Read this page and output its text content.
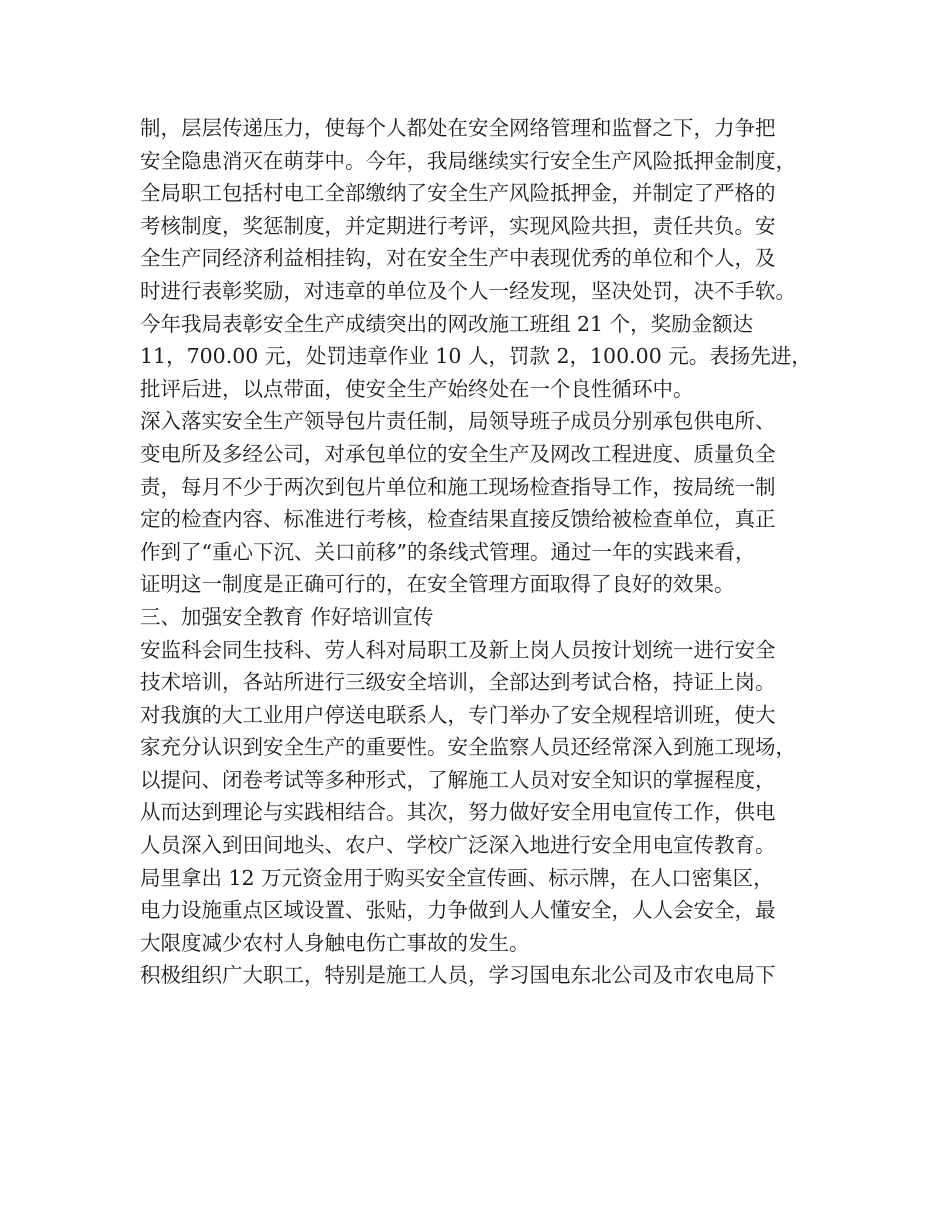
制，层层传递压力，使每个人都处在安全网络管理和监督之下，力争把
安全隐患消灭在萌芽中。今年，我局继续实行安全生产风险抵押金制度，
全局职工包括村电工全部缴纳了安全生产风险抵押金，并制定了严格的
考核制度，奖惩制度，并定期进行考评，实现风险共担，责任共负。安
全生产同经济利益相挂钩，对在安全生产中表现优秀的单位和个人，及
时进行表彰奖励，对违章的单位及个人一经发现，坚决处罚，决不手软。
今年我局表彰安全生产成绩突出的网改施工班组 21 个，奖励金额达
11，700.00 元，处罚违章作业 10 人，罚款 2，100.00 元。表扬先进，
批评后进，以点带面，使安全生产始终处在一个良性循环中。
深入落实安全生产领导包片责任制，局领导班子成员分别承包供电所、
变电所及多经公司，对承包单位的安全生产及网改工程进度、质量负全
责，每月不少于两次到包片单位和施工现场检查指导工作，按局统一制
定的检查内容、标准进行考核，检查结果直接反馈给被检查单位，真正
作到了“重心下沉、关口前移”的条线式管理。通过一年的实践来看，
证明这一制度是正确可行的，在安全管理方面取得了良好的效果。
三、加强安全教育 作好培训宣传
安监科会同生技科、劳人科对局职工及新上岗人员按计划统一进行安全
技术培训，各站所进行三级安全培训，全部达到考试合格，持证上岗。
对我旗的大工业用户停送电联系人，专门举办了安全规程培训班，使大
家充分认识到安全生产的重要性。安全监察人员还经常深入到施工现场，
以提问、闭卷考试等多种形式，了解施工人员对安全知识的掌握程度，
从而达到理论与实践相结合。其次，努力做好安全用电宣传工作，供电
人员深入到田间地头、农户、学校广泛深入地进行安全用电宣传教育。
局里拿出 12 万元资金用于购买安全宣传画、标示牌，在人口密集区，
电力设施重点区域设置、张贴，力争做到人人懂安全，人人会安全，最
大限度减少农村人身触电伤亡事故的发生。
积极组织广大职工，特别是施工人员，学习国电东北公司及市农电局下
